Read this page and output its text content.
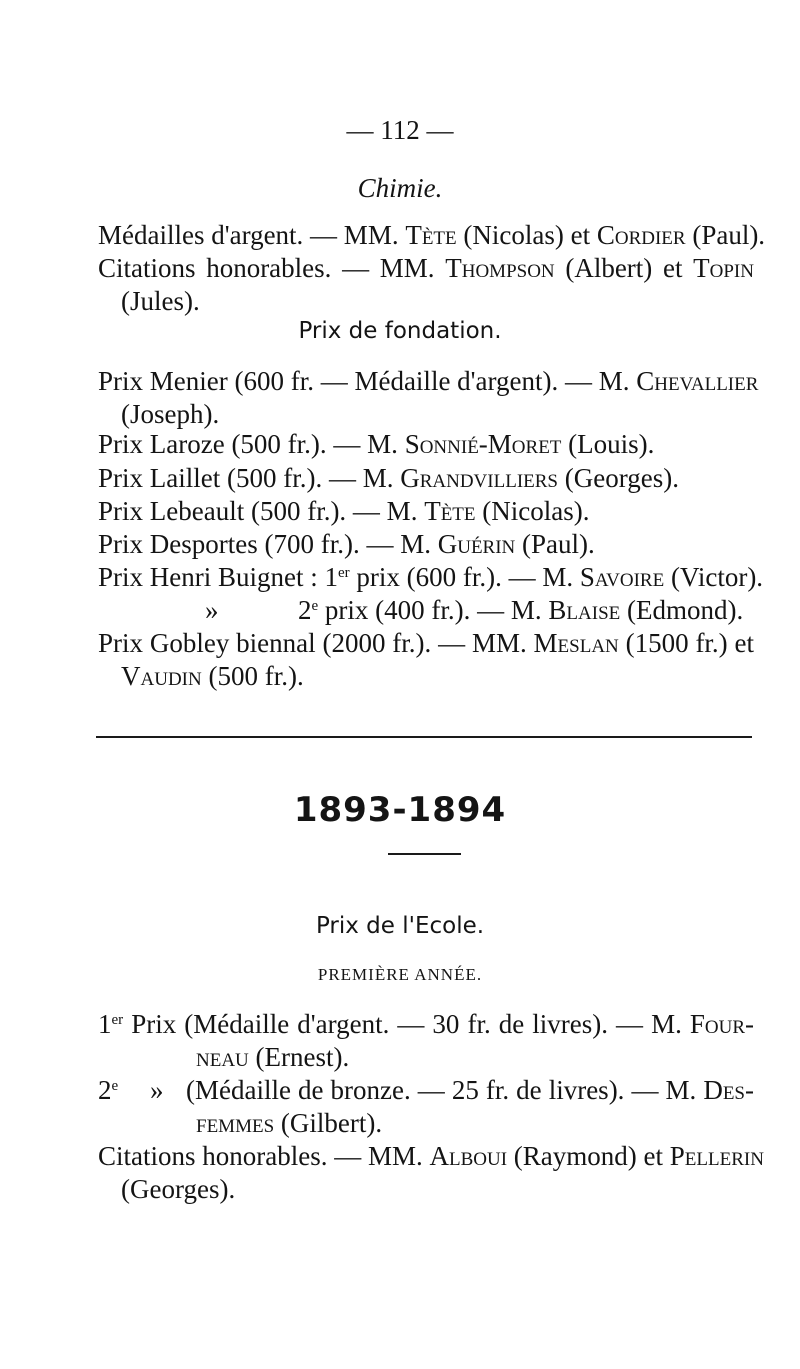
— 112 —
Chimie.
Médailles d'argent. — MM. Tète (Nicolas) et Cordier (Paul).
Citations honorables. — MM. Thompson (Albert) et Topin
(Jules).
Prix de fondation.
Prix Menier (600 fr. — Médaille d'argent). — M. Chevallier
(Joseph).
Prix Laroze (500 fr.). — M. Sonnié-Moret (Louis).
Prix Laillet (500 fr.). — M. Grandvilliers (Georges).
Prix Lebeault (500 fr.). — M. Tète (Nicolas).
Prix Desportes (700 fr.). — M. Guérin (Paul).
Prix Henri Buignet : 1er prix (600 fr.). — M. Savoire (Victor).
»	2e prix (400 fr.). — M. Blaise (Edmond).
Prix Gobley biennal (2000 fr.). — MM. Meslan (1500 fr.) et
Vaudin (500 fr.).
1893-1894
Prix de l'Ecole.
PREMIÈRE ANNÉE.
1er Prix (Médaille d'argent. — 30 fr. de livres). — M. Four-
neau (Ernest).
2e » (Médaille de bronze. — 25 fr. de livres). — M. Des-
femmes (Gilbert).
Citations honorables. — MM. Alboui (Raymond) et Pellerin
(Georges).
